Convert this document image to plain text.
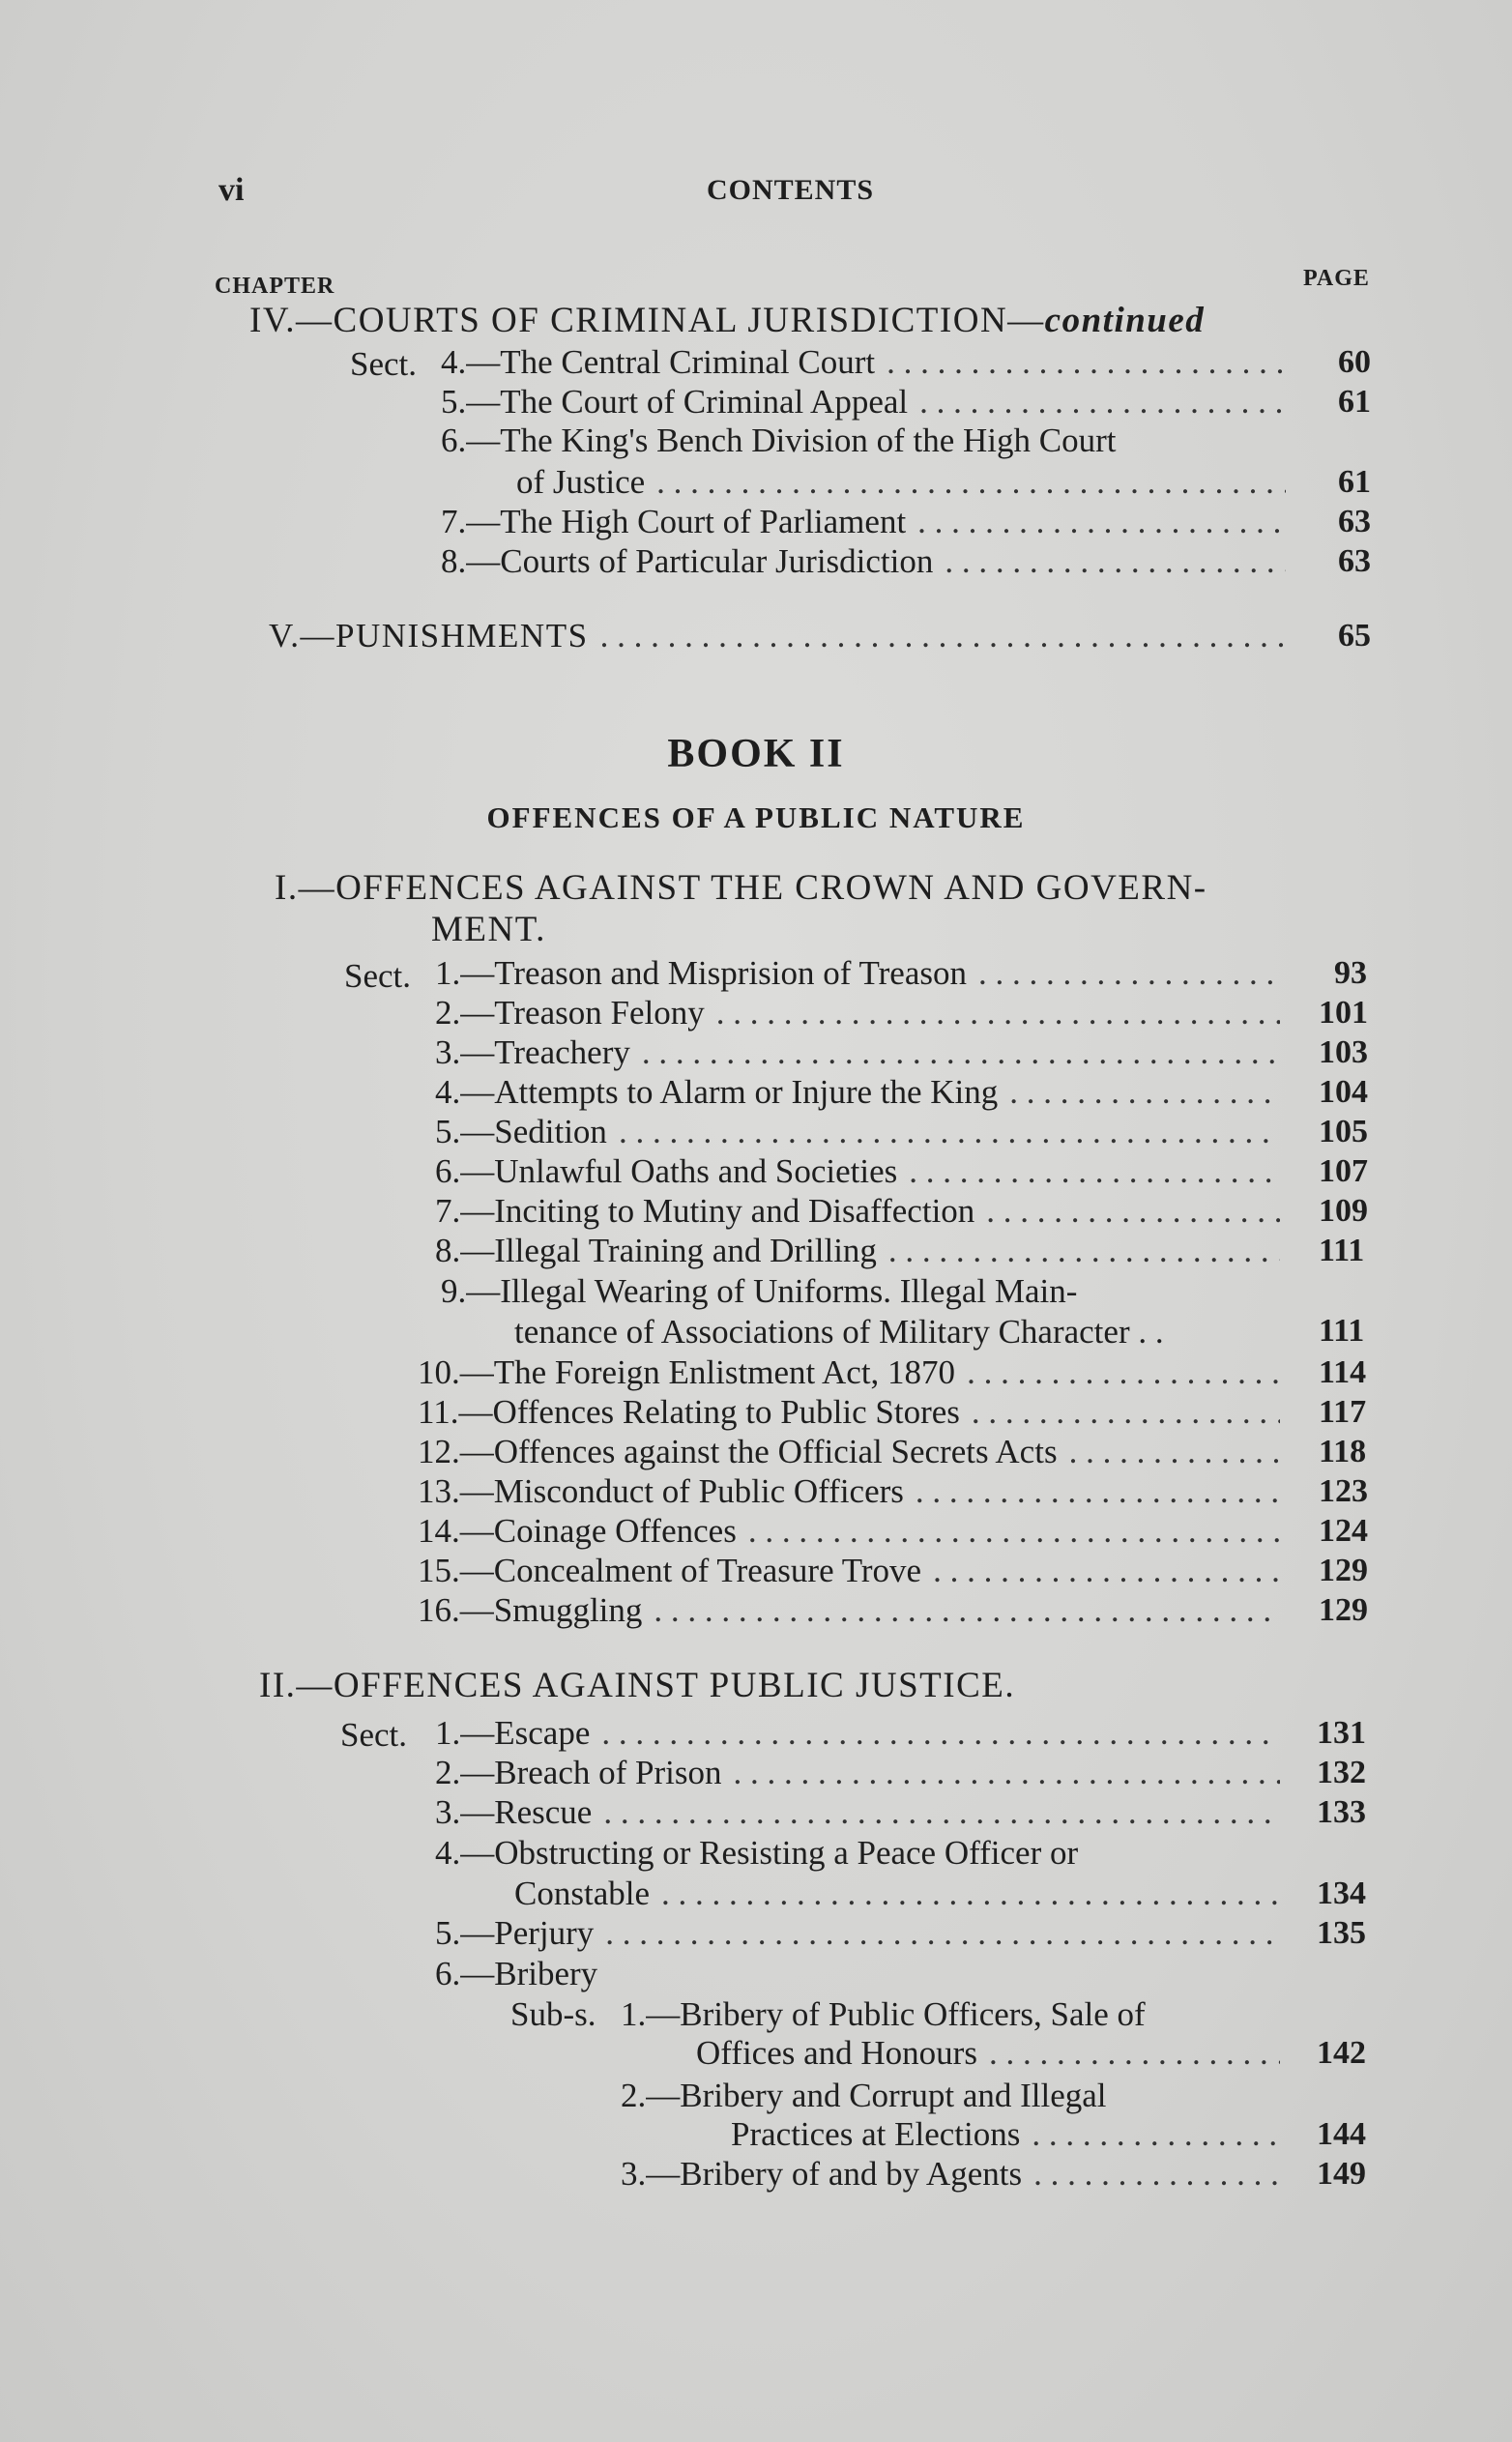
vi	CONTENTS
CHAPTER	PAGE
IV.—COURTS OF CRIMINAL JURISDICTION—continued
Sect. 4.—The Central Criminal Court . . .	60
5.—The Court of Criminal Appeal . . .	61
6.—The King's Bench Division of the High Court
of Justice . . .	61
7.—The High Court of Parliament . . .	63
8.—Courts of Particular Jurisdiction . . .	63
V.—PUNISHMENTS . . .	65
BOOK II
OFFENCES OF A PUBLIC NATURE
I.—OFFENCES AGAINST THE CROWN AND GOVERN-
MENT.
Sect. 1.—Treason and Misprision of Treason . . .	93
2.—Treason Felony . . .	101
3.—Treachery . . .	103
4.—Attempts to Alarm or Injure the King . . .	104
5.—Sedition . . .	105
6.—Unlawful Oaths and Societies . . .	107
7.—Inciting to Mutiny and Disaffection . . .	109
8.—Illegal Training and Drilling . . .	111
9.—Illegal Wearing of Uniforms. Illegal Main-
tenance of Associations of Military Character . .	111
10.—The Foreign Enlistment Act, 1870 . . .	114
11.—Offences Relating to Public Stores . . .	117
12.—Offences against the Official Secrets Acts . . .	118
13.—Misconduct of Public Officers . . .	123
14.—Coinage Offences . . .	124
15.—Concealment of Treasure Trove . . .	129
16.—Smuggling . . .	129
II.—OFFENCES AGAINST PUBLIC JUSTICE.
Sect. 1.—Escape . . .	131
2.—Breach of Prison . . .	132
3.—Rescue . . .	133
4.—Obstructing or Resisting a Peace Officer or
Constable . . .	134
5.—Perjury . . .	135
6.—Bribery
Sub-s. 1.—Bribery of Public Officers, Sale of
Offices and Honours . . .	142
2.—Bribery and Corrupt and Illegal
Practices at Elections . . .	144
3.—Bribery of and by Agents . . .	149
